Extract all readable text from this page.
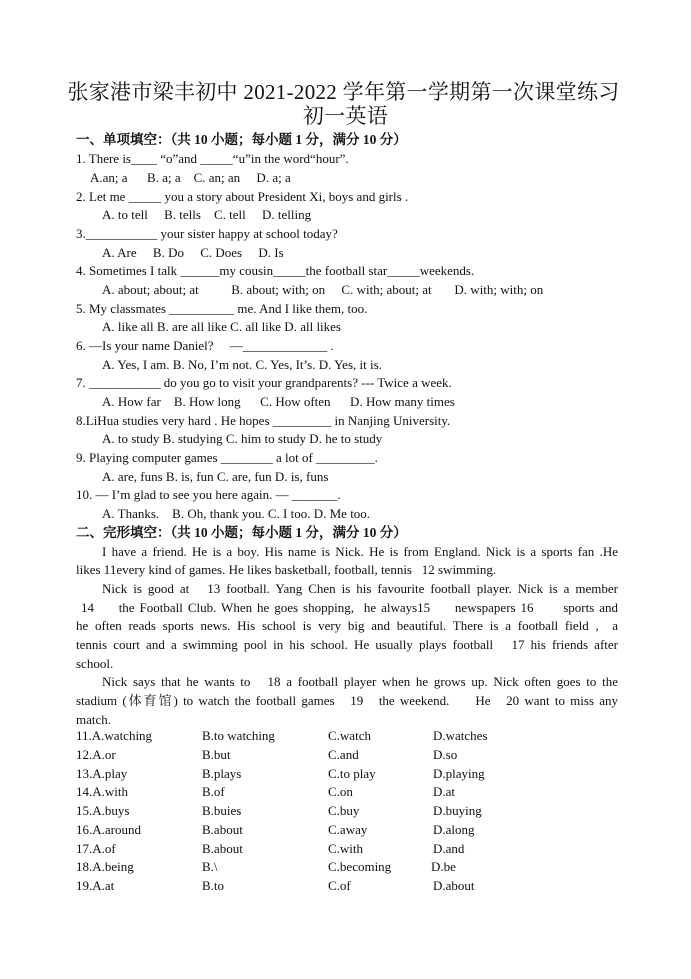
张家港市梁丰初中 2021-2022 学年第一学期第一次课堂练习
初一英语
一、单项填空：（共 10 小题；每小题 1 分，满分 10 分）
1. There is____ “o”and _____“u”in the word“hour”.
A.an; a      B. a; a    C. an; an     D. a; a
2. Let me _____ you a story about President Xi, boys and girls .
A. to tell     B. tells    C. tell     D. telling
3.___________ your sister happy at school today?
A. Are     B. Do     C. Does     D. Is
4. Sometimes I talk ______my cousin_____the football star_____weekends.
A. about; about; at          B. about; with; on     C. with; about; at       D. with; with; on
5. My classmates __________ me. And I like them, too.
A. like all B. are all like C. all like D. all likes
6. —Is your name Daniel?     —_____________ .
A. Yes, I am. B. No, I’m not. C. Yes, It’s. D. Yes, it is.
7. ___________ do you go to visit your grandparents? --- Twice a week.
A. How far    B. How long      C. How often      D. How many times
8.LiHua studies very hard . He hopes _________ in Nanjing University.
A. to study B. studying C. him to study D. he to study
9. Playing computer games ________ a lot of _________.
A. are, funs B. is, fun C. are, fun D. is, funs
10. — I’m glad to see you here again. — _______.
A. Thanks.    B. Oh, thank you. C. I too. D. Me too.
二、完形填空：（共 10 小题；每小题 1 分，满分 10 分）
I have a friend. He is a boy. His name is Nick. He is from England. Nick is a sports fan .He
likes 11every kind of games. He likes basketball, football, tennis   12 swimming.
Nick is good at   13 football. Yang Chen is his favourite football player. Nick is a member
14     the Football Club. When he goes shopping,  he always15     newspapers 16      sports and
he often reads sports news. His school is very big and beautiful. There is a football field ,  a
tennis court and a swimming pool in his school. He usually plays football   17 his friends after
school.
Nick says that he wants to   18 a football player when he grows up. Nick often goes to the
stadium (体育馆) to watch the football games   19   the weekend.     He   20 want to miss any
match.
11.A.watching	B.to watching	C.watch	D.watches
12.A.or	B.but	C.and	D.so
13.A.play	B.plays	C.to play	D.playing
14.A.with	B.of	C.on	D.at
15.A.buys	B.buies	C.buy	D.buying
16.A.around	B.about	C.away	D.along
17.A.of	B.about	C.with	D.and
18.A.being	B.\	C.becoming	D.be
19.A.at	B.to	C.of	D.about
